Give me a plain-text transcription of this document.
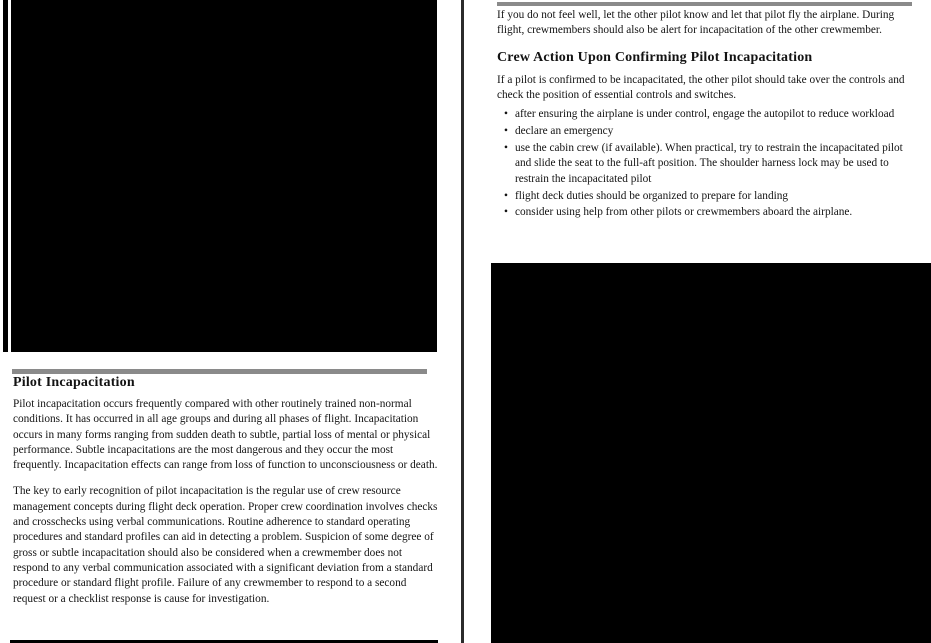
Pilot Incapacitation

Pilot incapacitation occurs frequently compared with other routinely trained non-normal conditions. It has occurred in all age groups and during all phases of flight. Incapacitation occurs in many forms ranging from sudden death to subtle, partial loss of mental or physical performance. Subtle incapacitations are the most dangerous and they occur the most frequently. Incapacitation effects can range from loss of function to unconsciousness or death.

The key to early recognition of pilot incapacitation is the regular use of crew resource management concepts during flight deck operation. Proper crew coordination involves checks and crosschecks using verbal communications. Routine adherence to standard operating procedures and standard profiles can aid in detecting a problem. Suspicion of some degree of gross or subtle incapacitation should also be considered when a crewmember does not respond to any verbal communication associated with a significant deviation from a standard procedure or standard flight profile. Failure of any crewmember to respond to a second request or a checklist response is cause for investigation.

If you do not feel well, let the other pilot know and let that pilot fly the airplane. During flight, crewmembers should also be alert for incapacitation of the other crewmember.

Crew Action Upon Confirming Pilot Incapacitation

If a pilot is confirmed to be incapacitated, the other pilot should take over the controls and check the position of essential controls and switches.

• after ensuring the airplane is under control, engage the autopilot to reduce workload
• declare an emergency
• use the cabin crew (if available). When practical, try to restrain the incapacitated pilot and slide the seat to the full-aft position. The shoulder harness lock may be used to restrain the incapacitated pilot
• flight deck duties should be organized to prepare for landing
• consider using help from other pilots or crewmembers aboard the airplane.
